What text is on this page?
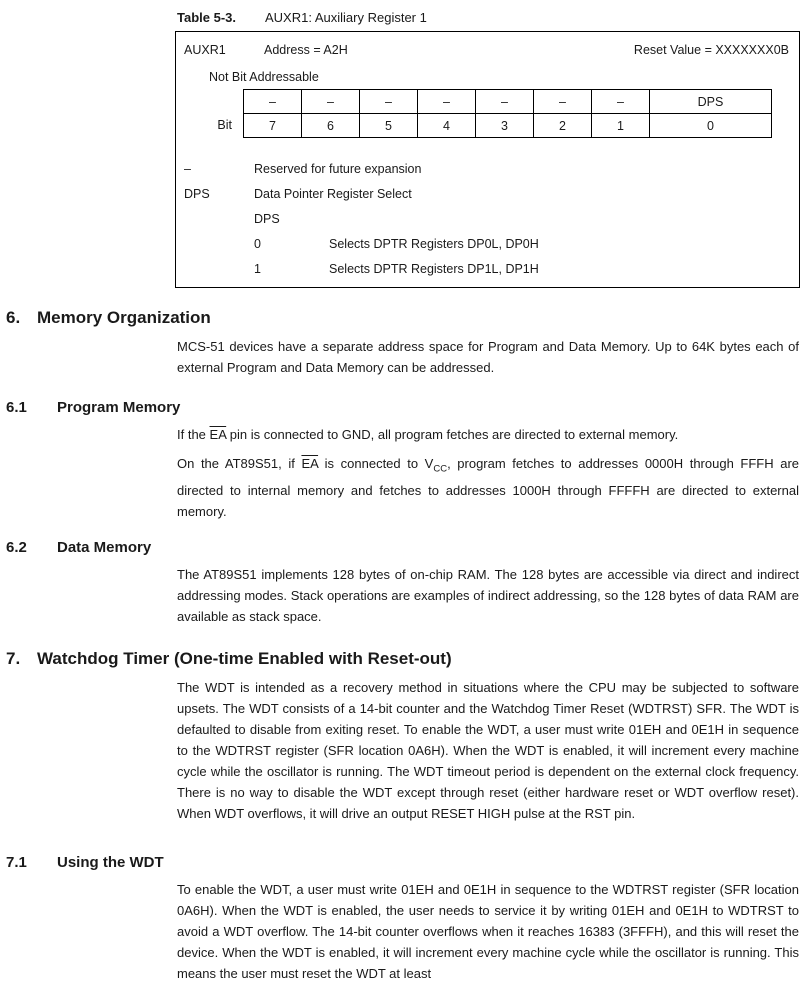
Table 5-3.	AUXR1: Auxiliary Register 1
AUXR1	Address = A2H	Reset Value = XXXXXXX0B
Not Bit Addressable
Bit
–	–	–	–	–	–	–	DPS
7	6	5	4	3	2	1	0
–	Reserved for future expansion
DPS	Data Pointer Register Select
DPS
0	Selects DPTR Registers DP0L, DP0H
1	Selects DPTR Registers DP1L, DP1H
6. Memory Organization
MCS-51 devices have a separate address space for Program and Data Memory. Up to 64K bytes each of external Program and Data Memory can be addressed.
6.1	Program Memory
If the $\overline{EA}$ pin is connected to GND, all program fetches are directed to external memory.
On the AT89S51, if $\overline{EA}$ is connected to $V_{CC}$, program fetches to addresses 0000H through FFFH are directed to internal memory and fetches to addresses 1000H through FFFFH are directed to external memory.
6.2	Data Memory
The AT89S51 implements 128 bytes of on-chip RAM. The 128 bytes are accessible via direct and indirect addressing modes. Stack operations are examples of indirect addressing, so the 128 bytes of data RAM are available as stack space.
7. Watchdog Timer (One-time Enabled with Reset-out)
The WDT is intended as a recovery method in situations where the CPU may be subjected to software upsets. The WDT consists of a 14-bit counter and the Watchdog Timer Reset (WDTRST) SFR. The WDT is defaulted to disable from exiting reset. To enable the WDT, a user must write 01EH and 0E1H in sequence to the WDTRST register (SFR location 0A6H). When the WDT is enabled, it will increment every machine cycle while the oscillator is running. The WDT timeout period is dependent on the external clock frequency. There is no way to disable the WDT except through reset (either hardware reset or WDT overflow reset). When WDT overflows, it will drive an output RESET HIGH pulse at the RST pin.
7.1	Using the WDT
To enable the WDT, a user must write 01EH and 0E1H in sequence to the WDTRST register (SFR location 0A6H). When the WDT is enabled, the user needs to service it by writing 01EH and 0E1H to WDTRST to avoid a WDT overflow. The 14-bit counter overflows when it reaches 16383 (3FFFH), and this will reset the device. When the WDT is enabled, it will increment every machine cycle while the oscillator is running. This means the user must reset the WDT at least
